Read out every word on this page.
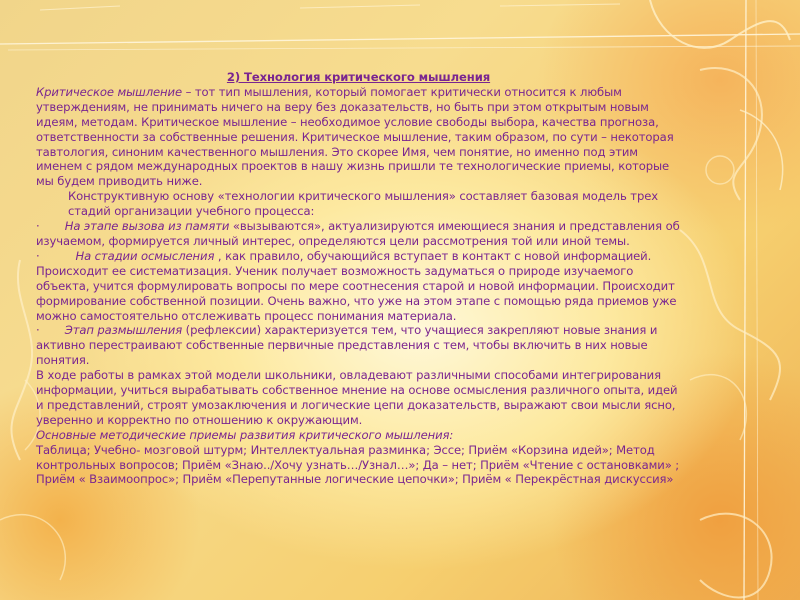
2) Технология критического мышления

Критическое мышление – тот тип мышления, который помогает критически относится к любым утверждениям, не принимать ничего на веру без доказательств, но быть при этом открытым новым идеям, методам. Критическое мышление – необходимое условие свободы выбора, качества прогноза, ответственности за собственные решения. Критическое мышление, таким образом, по сути – некоторая тавтология, синоним качественного мышления. Это скорее Имя, чем понятие, но именно под этим именем с рядом международных проектов в нашу жизнь пришли те технологические приемы, которые мы будем приводить ниже.

Конструктивную основу «технологии критического мышления» составляет базовая модель трех стадий организации учебного процесса:

· На этапе вызова из памяти «вызываются», актуализируются имеющиеся знания и представления об изучаемом, формируется личный интерес, определяются цели рассмотрения той или иной темы.

·	На стадии осмысления , как правило, обучающийся вступает в контакт с новой информацией. Происходит ее систематизация. Ученик получает возможность задуматься о природе изучаемого объекта, учится формулировать вопросы по мере соотнесения старой и новой информации. Происходит формирование собственной позиции. Очень важно, что уже на этом этапе с помощью ряда приемов уже можно самостоятельно отслеживать процесс понимания материала.

· Этап размышления (рефлексии) характеризуется тем, что учащиеся закрепляют новые знания и активно перестраивают собственные первичные представления с тем, чтобы включить в них новые понятия.

В ходе работы в рамках этой модели школьники, овладевают различными способами интегрирования информации, учиться вырабатывать собственное мнение на основе осмысления различного опыта, идей и представлений, строят умозаключения и логические цепи доказательств, выражают свои мысли ясно, уверенно и корректно по отношению к окружающим.

Основные методические приемы развития критического мышления:

Таблица; Учебно- мозговой штурм; Интеллектуальная разминка; Эссе; Приём «Корзина идей»; Метод контрольных вопросов; Приём «Знаю../Хочу узнать…/Узнал…»; Да – нет; Приём «Чтение с остановками» ; Приём « Взаимоопрос»; Приём «Перепутанные логические цепочки»; Приём « Перекрёстная дискуссия»
